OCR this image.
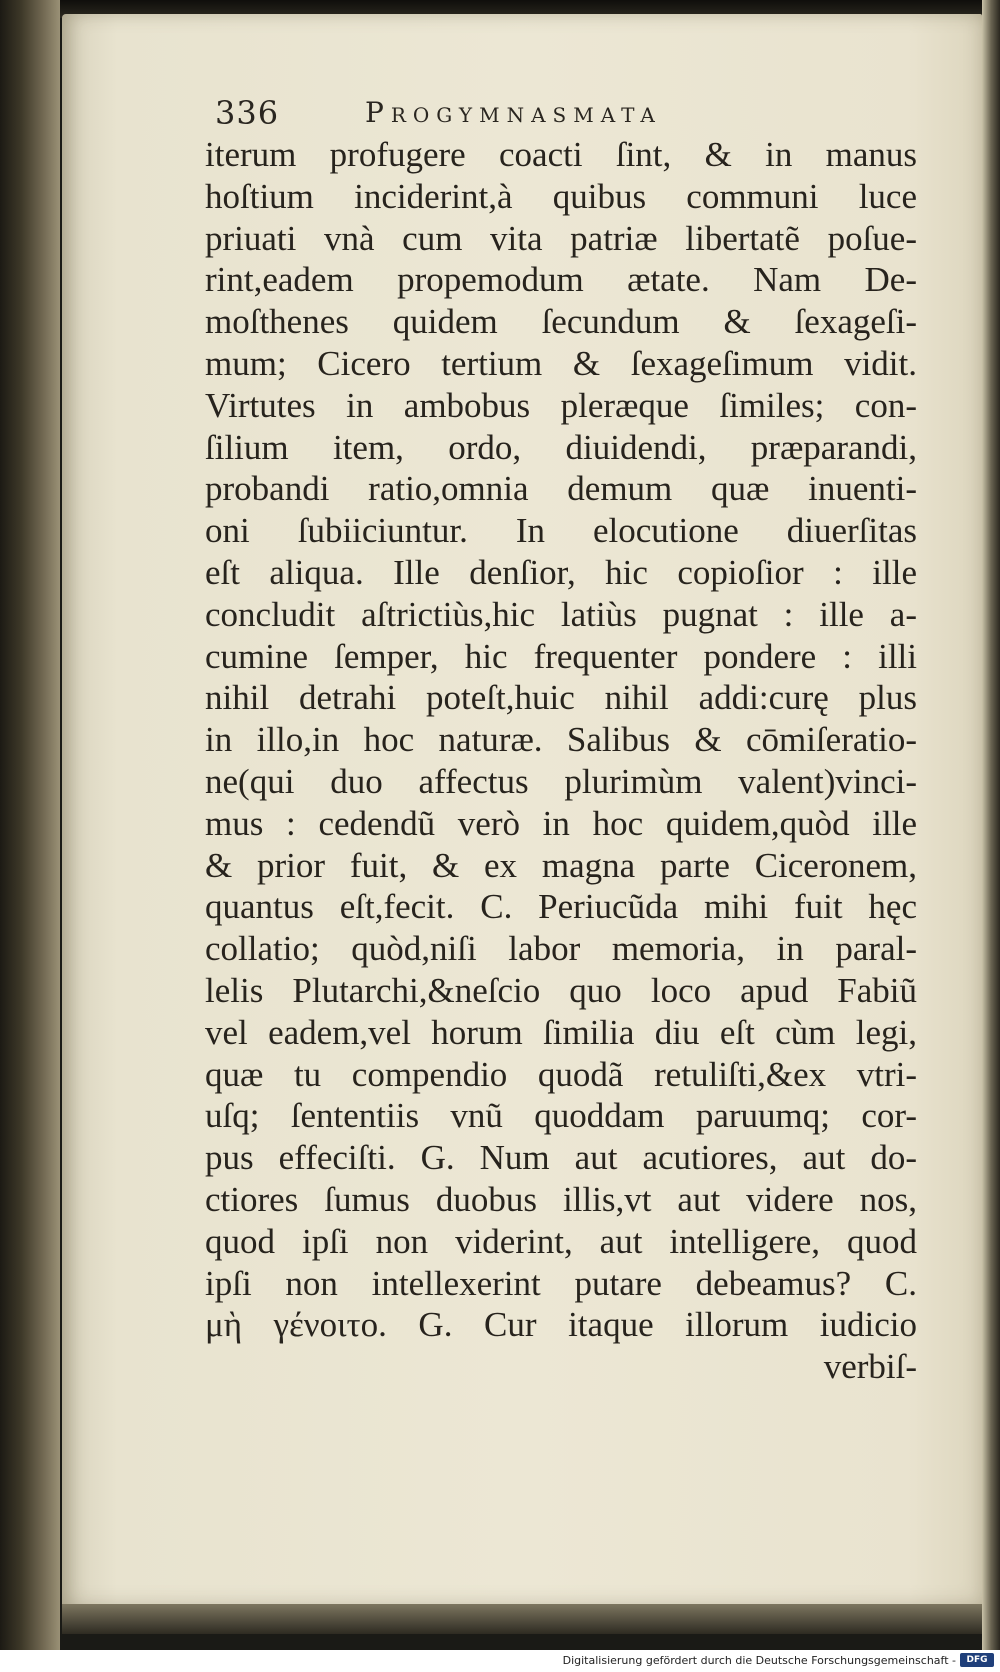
336	Progymnasmata
iterum profugere coacti ſint, & in manus
hoſtium inciderint,à quibus communi luce
priuati vnà cum vita patriæ libertatẽ poſue-
rint,eadem propemodum ætate. Nam De-
moſthenes quidem ſecundum & ſexageſi-
mum; Cicero tertium & ſexageſimum vidit.
Virtutes in ambobus pleræque ſimiles; con-
ſilium item, ordo, diuidendi, præparandi,
probandi ratio,omnia demum quæ inuenti-
oni ſubiiciuntur. In elocutione diuerſitas
eſt aliqua. Ille denſior, hic copioſior : ille
concludit aſtrictiùs,hic latiùs pugnat : ille a-
cumine ſemper, hic frequenter pondere : illi
nihil detrahi poteſt,huic nihil addi:curę plus
in illo,in hoc naturæ. Salibus & cōmiſeratio-
ne(qui duo affectus plurimùm valent)vinci-
mus : cedendũ verò in hoc quidem,quòd ille
& prior fuit, & ex magna parte Ciceronem,
quantus eſt,fecit. C. Periucũda mihi fuit hęc
collatio; quòd,niſi labor memoria, in paral-
lelis Plutarchi,&neſcio quo loco apud Fabiũ
vel eadem,vel horum ſimilia diu eſt cùm legi,
quæ tu compendio quodã retuliſti,&ex vtri-
uſq; ſententiis vnũ quoddam paruumq; cor-
pus effeciſti. G. Num aut acutiores, aut do-
ctiores ſumus duobus illis,vt aut videre nos,
quod ipſi non viderint, aut intelligere, quod
ipſi non intellexerint putare debeamus? C.
μὴ γένοιτο. G. Cur itaque illorum iudicio
verbiſ-
Digitalisierung gefördert durch die Deutsche Forschungsgemeinschaft -	DFG
